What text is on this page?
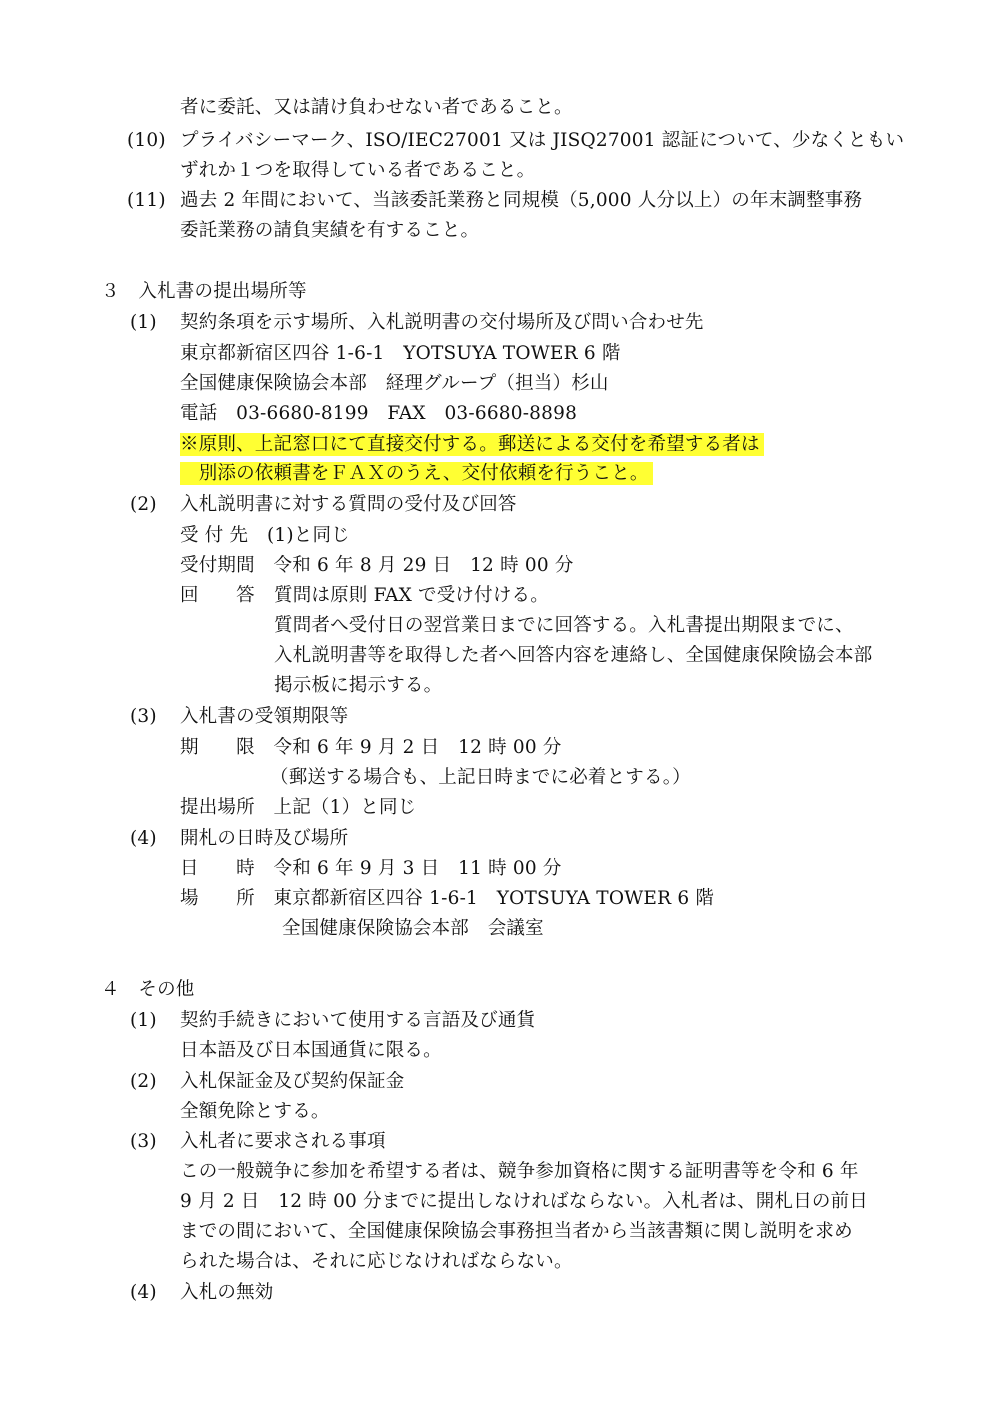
者に委託、又は請け負わせない者であること。
(10) プライバシーマーク、ISO/IEC27001 又は JISQ27001 認証について、少なくともい
ずれか１つを取得している者であること。
(11) 過去 2 年間において、当該委託業務と同規模（5,000 人分以上）の年末調整事務
委託業務の請負実績を有すること。
３　入札書の提出場所等
(1) 契約条項を示す場所、入札説明書の交付場所及び問い合わせ先
東京都新宿区四谷 1-6-1　YOTSUYA TOWER 6 階
全国健康保険協会本部　経理グループ（担当）杉山
電話　03-6680-8199　FAX　03-6680-8898
※原則、上記窓口にて直接交付する。郵送による交付を希望する者は
　別添の依頼書をＦＡＸのうえ、交付依頼を行うこと。
(2) 入札説明書に対する質問の受付及び回答
受 付 先　(1)と同じ
受付期間　令和 6 年 8 月 29 日　12 時 00 分
回　　答 質問は原則 FAX で受け付ける。
質問者へ受付日の翌営業日までに回答する。入札書提出期限までに、
入札説明書等を取得した者へ回答内容を連絡し、全国健康保険協会本部
掲示板に掲示する。
(3) 入札書の受領期限等
期　　限　令和 6 年 9 月 2 日　12 時 00 分
（郵送する場合も、上記日時までに必着とする。）
提出場所　上記（1）と同じ
(4) 開札の日時及び場所
日　　時　令和 6 年 9 月 3 日　11 時 00 分
場　　所　東京都新宿区四谷 1-6-1　YOTSUYA TOWER 6 階
全国健康保険協会本部　会議室
４　その他
(1) 契約手続きにおいて使用する言語及び通貨
日本語及び日本国通貨に限る。
(2) 入札保証金及び契約保証金
全額免除とする。
(3) 入札者に要求される事項
この一般競争に参加を希望する者は、競争参加資格に関する証明書等を令和 6 年
9 月 2 日　12 時 00 分までに提出しなければならない。入札者は、開札日の前日
までの間において、全国健康保険協会事務担当者から当該書類に関し説明を求め
られた場合は、それに応じなければならない。
(4) 入札の無効
